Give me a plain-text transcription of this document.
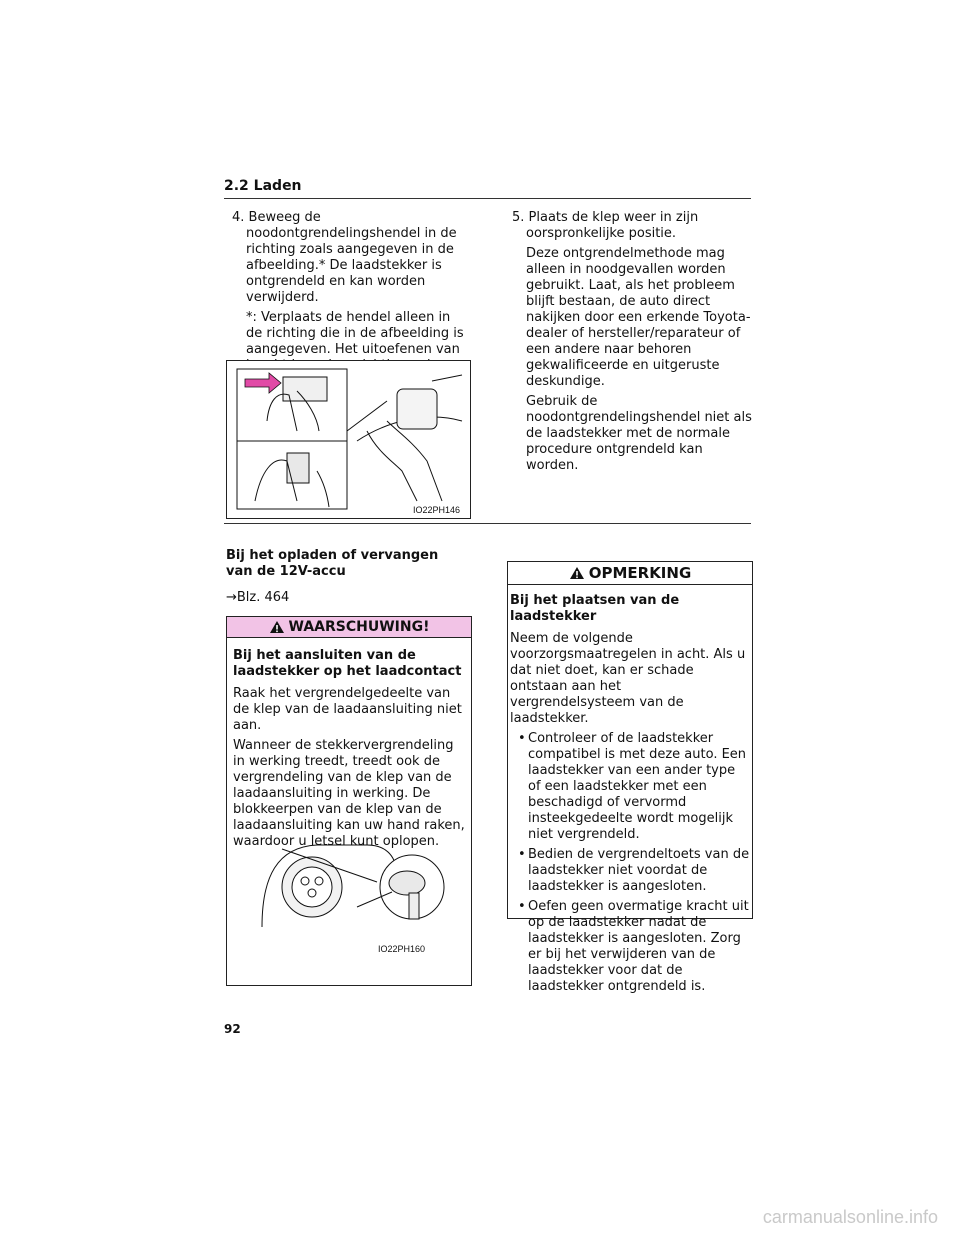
2.2 Laden

4. Beweeg de noodontgrendelingshendel in de richting zoals aangegeven in de afbeelding.* De laadstekker is ontgrendeld en kan worden verwijderd.

*: Verplaats de hendel alleen in de richting die in de afbeelding is aangegeven. Het uitoefenen van

IO22PH146

5. Plaats de klep weer in zijn oorspronkelijke positie.

Deze ontgrendelmethode mag alleen in noodgevallen worden gebruikt. Laat, als het probleem blijft bestaan, de auto direct nakijken door een erkende Toyota-dealer of hersteller/reparateur of een andere naar behoren gekwalificeerde en uitgeruste deskundige.

Gebruik de noodontgrendelingshendel niet als de laadstekker met de normale procedure ontgrendeld kan worden.

Bij het opladen of vervangen van de 12V-accu
→Blz. 464
WAARSCHUWING!
Bij het aansluiten van de laadstekker op het laadcontact

Raak het vergrendelgedeelte van de klep van de laadaansluiting niet aan.

Wanneer de stekkervergrendeling in werking treedt, treedt ook de vergrendeling van de klep van de laadaansluiting in werking. De blokkeerpen van de klep van de laadaansluiting kan uw hand raken, waardoor u letsel kunt oplopen.

IO22PH160
OPMERKING
Bij het plaatsen van de laadstekker

Neem de volgende voorzorgsmaatregelen in acht. Als u dat niet doet, kan er schade ontstaan aan het vergrendelsysteem van de laadstekker.

• Controleer of de laadstekker compatibel is met deze auto. Een laadstekker van een ander type of een laadstekker met een beschadigd of vervormd insteekgedeelte wordt mogelijk niet vergrendeld.

• Bedien de vergrendeltoets van de laadstekker niet voordat de laadstekker is aangesloten.

• Oefen geen overmatige kracht uit op de laadstekker nadat de laadstekker is aangesloten. Zorg er bij het verwijderen van de laadstekker voor dat de laadstekker ontgrendeld is.

92
carmanualsonline.info
